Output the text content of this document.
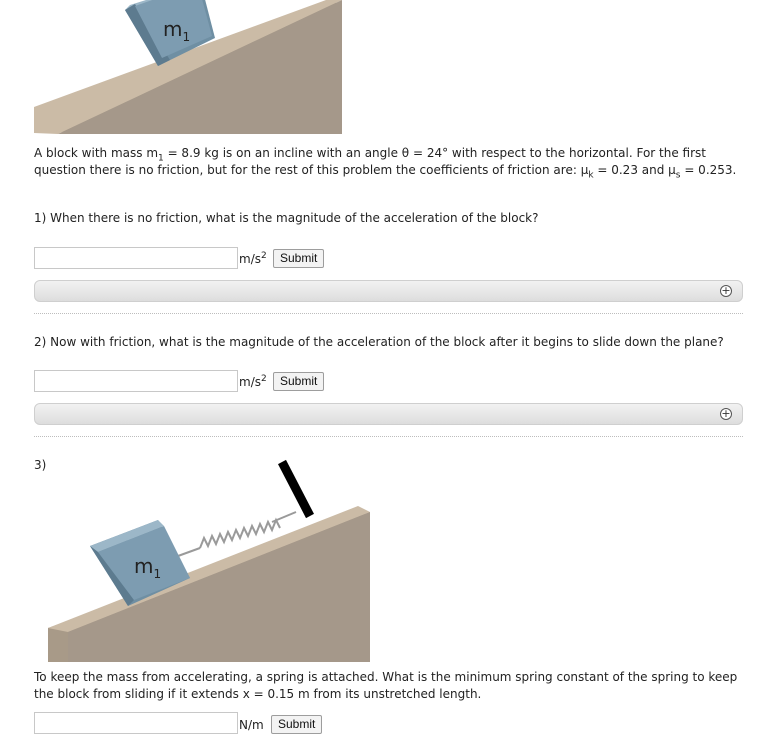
$m_1$
A block with mass $m_1 = 8.9$ kg is on an incline with an angle θ = 24° with respect to the horizontal. For the first question there is no friction, but for the rest of this problem the coefficients of friction are: $\mu_k = 0.23$ and $\mu_s = 0.253$.
1) When there is no friction, what is the magnitude of the acceleration of the block?
$m/s^2$	Submit
+
2) Now with friction, what is the magnitude of the acceleration of the block after it begins to slide down the plane?
$m/s^2$	Submit
+
3)
$m_1$
To keep the mass from accelerating, a spring is attached. What is the minimum spring constant of the spring to keep the block from sliding if it extends x = 0.15 m from its unstretched length.
N/m	Submit
